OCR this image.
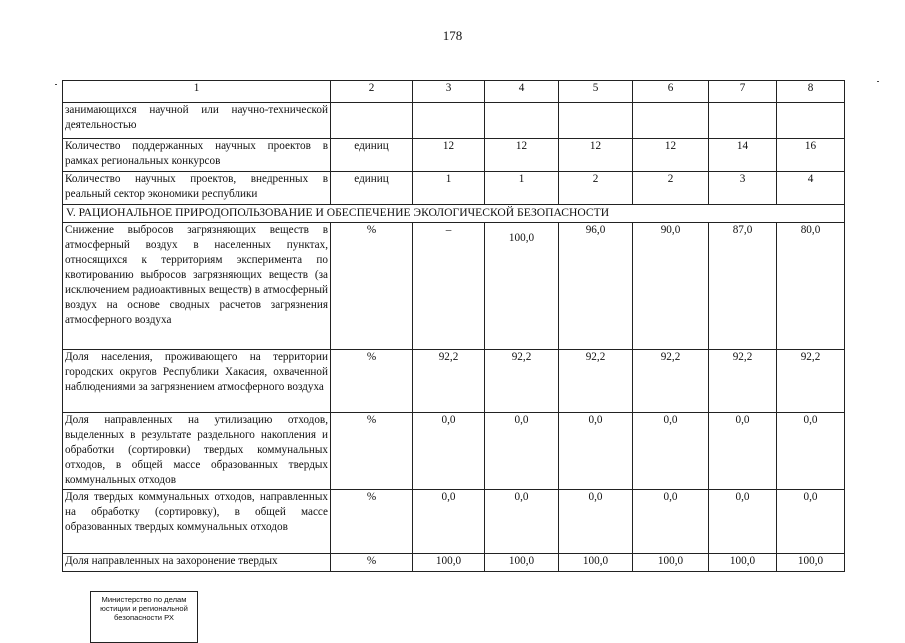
178
1	2	3	4	5	6	7	8
занимающихся научной или научно-технической деятельностью							
Количество поддержанных научных проектов в рамках региональных конкурсов	единиц	12	12	12	12	14	16
Количество научных проектов, внедренных в реальный сектор экономики республики	единиц	1	1	2	2	3	4
V. РАЦИОНАЛЬНОЕ ПРИРОДОПОЛЬЗОВАНИЕ И ОБЕСПЕЧЕНИЕ ЭКОЛОГИЧЕСКОЙ БЕЗОПАСНОСТИ							
Снижение выбросов загрязняющих веществ в атмосферный воздух в населенных пунктах, относящихся к территориям эксперимента по квотированию выбросов загрязняющих веществ (за исключением радиоактивных веществ) в атмосферный воздух на основе сводных расчетов загрязнения атмосферного воздуха	%	–	100,0	96,0	90,0	87,0	80,0
Доля населения, проживающего на территории городских округов Республики Хакасия, охваченной наблюдениями за загрязнением атмосферного воздуха	%	92,2	92,2	92,2	92,2	92,2	92,2
Доля направленных на утилизацию отходов, выделенных в результате раздельного накопления и обработки (сортировки) твердых коммунальных отходов, в общей массе образованных твердых коммунальных отходов	%	0,0	0,0	0,0	0,0	0,0	0,0
Доля твердых коммунальных отходов, направленных на обработку (сортировку), в общей массе образованных твердых коммунальных отходов	%	0,0	0,0	0,0	0,0	0,0	0,0
Доля направленных на захоронение твердых	%	100,0	100,0	100,0	100,0	100,0	100,0
Министерство по делам
юстиции и региональной
безопасности РХ
